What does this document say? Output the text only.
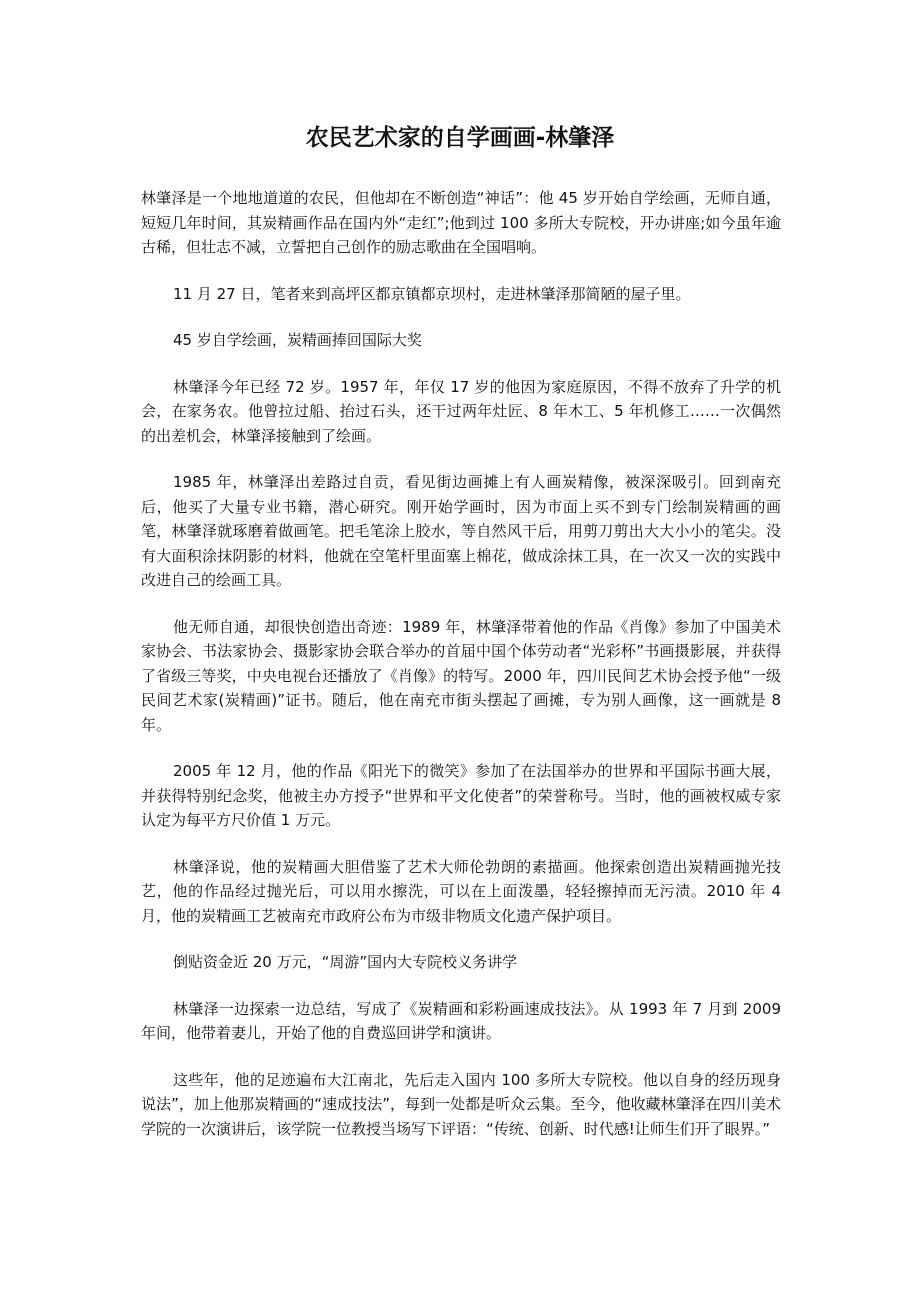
农民艺术家的自学画画-林肇泽

林肇泽是一个地地道道的农民，但他却在不断创造“神话”：他 45 岁开始自学绘画，无师自通，短短几年时间，其炭精画作品在国内外“走红”;他到过 100 多所大专院校，开办讲座;如今虽年逾古稀，但壮志不减，立誓把自己创作的励志歌曲在全国唱响。

11 月 27 日，笔者来到高坪区都京镇都京坝村，走进林肇泽那简陋的屋子里。

45 岁自学绘画，炭精画捧回国际大奖

林肇泽今年已经 72 岁。1957 年，年仅 17 岁的他因为家庭原因，不得不放弃了升学的机会，在家务农。他曾拉过船、抬过石头，还干过两年灶匠、8 年木工、5 年机修工……一次偶然的出差机会，林肇泽接触到了绘画。

1985 年，林肇泽出差路过自贡，看见街边画摊上有人画炭精像，被深深吸引。回到南充后，他买了大量专业书籍，潜心研究。刚开始学画时，因为市面上买不到专门绘制炭精画的画笔，林肇泽就琢磨着做画笔。把毛笔涂上胶水，等自然风干后，用剪刀剪出大大小小的笔尖。没有大面积涂抹阴影的材料，他就在空笔杆里面塞上棉花，做成涂抹工具，在一次又一次的实践中改进自己的绘画工具。

他无师自通，却很快创造出奇迹：1989 年，林肇泽带着他的作品《肖像》参加了中国美术家协会、书法家协会、摄影家协会联合举办的首届中国个体劳动者“光彩杯”书画摄影展，并获得了省级三等奖，中央电视台还播放了《肖像》的特写。2000 年，四川民间艺术协会授予他“一级民间艺术家(炭精画)”证书。随后，他在南充市街头摆起了画摊，专为别人画像，这一画就是 8 年。

2005 年 12 月，他的作品《阳光下的微笑》参加了在法国举办的世界和平国际书画大展，并获得特别纪念奖，他被主办方授予“世界和平文化使者”的荣誉称号。当时，他的画被权威专家认定为每平方尺价值 1 万元。

林肇泽说，他的炭精画大胆借鉴了艺术大师伦勃朗的素描画。他探索创造出炭精画抛光技艺，他的作品经过抛光后，可以用水擦洗，可以在上面泼墨，轻轻擦掉而无污渍。2010 年 4 月，他的炭精画工艺被南充市政府公布为市级非物质文化遗产保护项目。

倒贴资金近 20 万元，“周游”国内大专院校义务讲学

林肇泽一边探索一边总结，写成了《炭精画和彩粉画速成技法》。从 1993 年 7 月到 2009 年间，他带着妻儿，开始了他的自费巡回讲学和演讲。

这些年，他的足迹遍布大江南北，先后走入国内 100 多所大专院校。他以自身的经历现身说法”，加上他那炭精画的“速成技法”，每到一处都是听众云集。至今，他收藏林肇泽在四川美术学院的一次演讲后，该学院一位教授当场写下评语：“传统、创新、时代感!让师生们开了眼界。”
